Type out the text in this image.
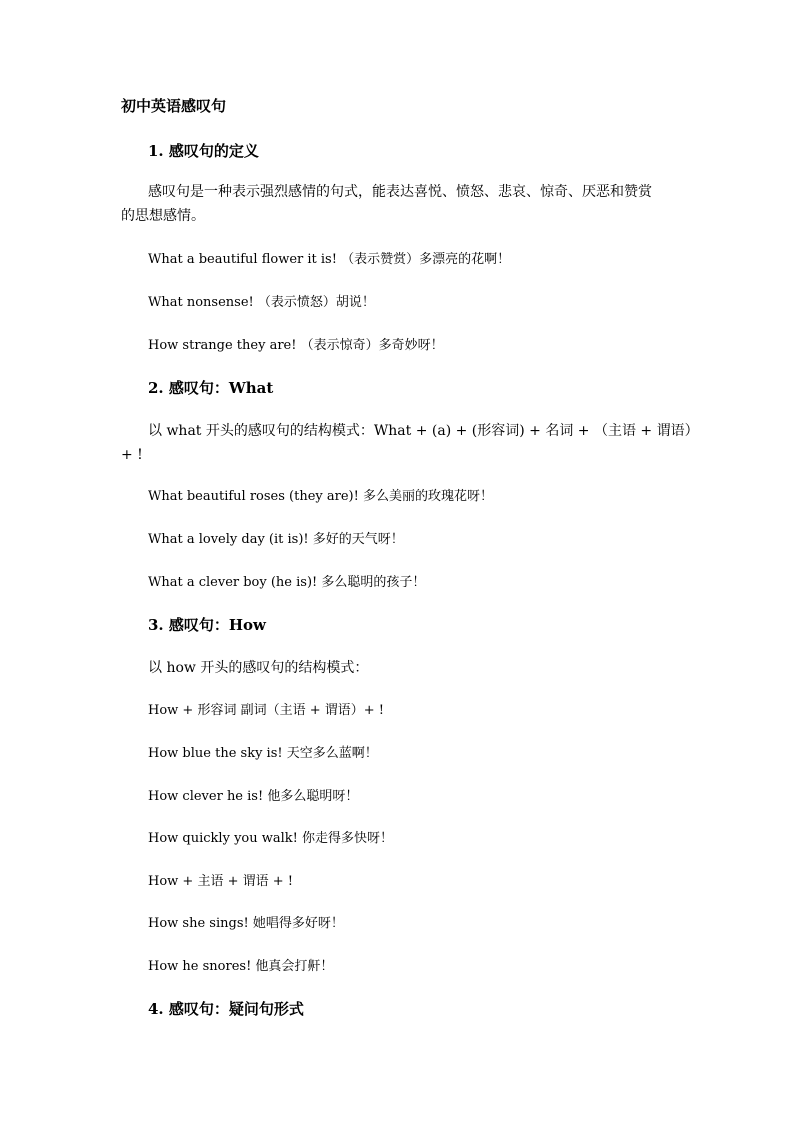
初中英语感叹句
1. 感叹句的定义
感叹句是一种表示强烈感情的句式，能表达喜悦、愤怒、悲哀、惊奇、厌恶和赞赏
的思想感情。
What a beautiful flower it is! （表示赞赏）多漂亮的花啊！
What nonsense! （表示愤怒）胡说！
How strange they are! （表示惊奇）多奇妙呀！
2. 感叹句：What
以 what 开头的感叹句的结构模式：What + (a) + (形容词) + 名词 + （主语 + 谓语）
+ !
What beautiful roses (they are)! 多么美丽的玫瑰花呀！
What a lovely day (it is)! 多好的天气呀！
What a clever boy (he is)! 多么聪明的孩子！
3. 感叹句：How
以 how 开头的感叹句的结构模式：
How + 形容词 副词（主语 + 谓语）+ !
How blue the sky is! 天空多么蓝啊！
How clever he is! 他多么聪明呀！
How quickly you walk! 你走得多快呀！
How + 主语 + 谓语 + !
How she sings! 她唱得多好呀！
How he snores! 他真会打鼾！
4. 感叹句：疑问句形式
